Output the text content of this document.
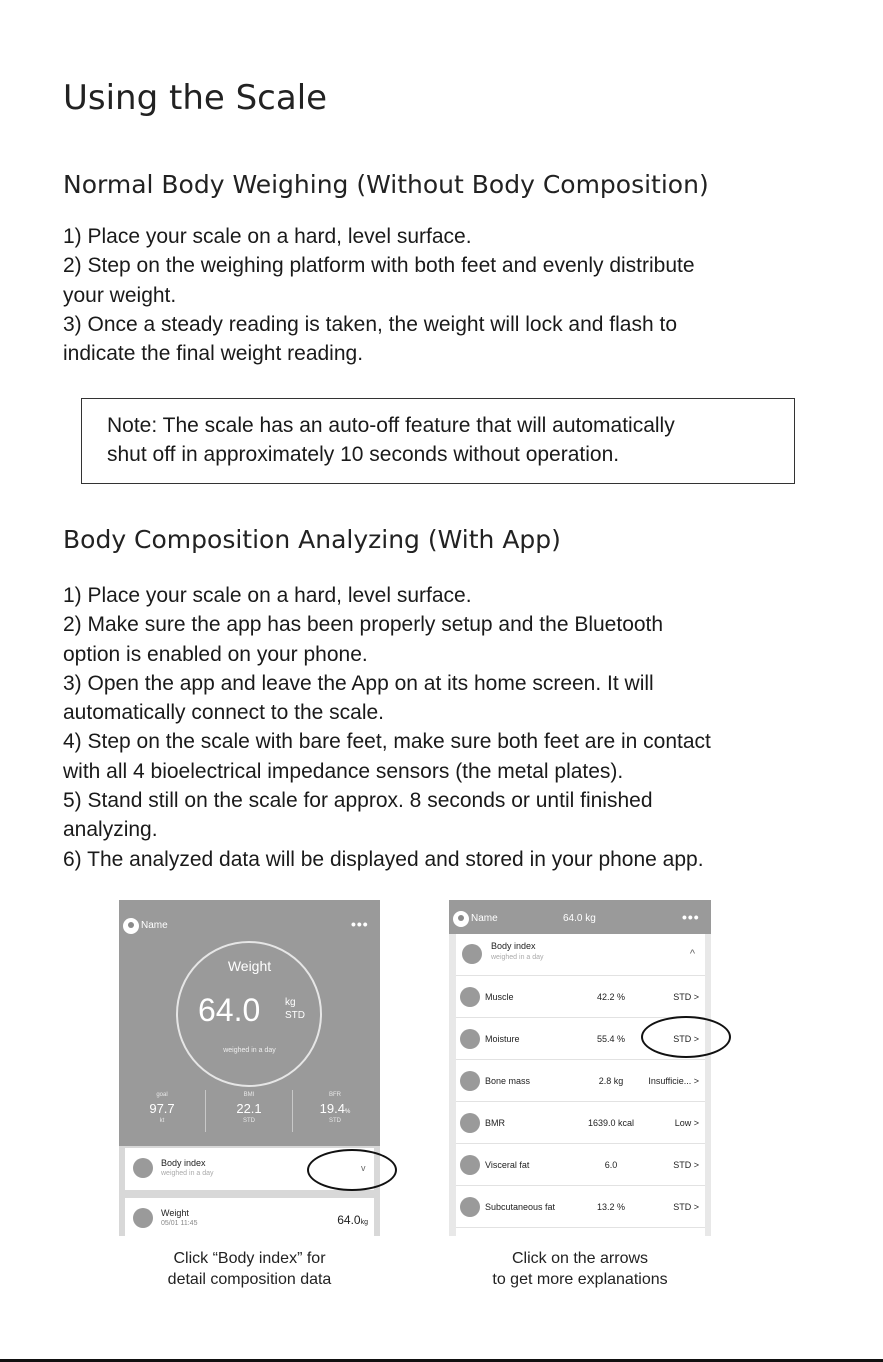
Using the Scale
Normal Body Weighing (Without Body Composition)
1) Place your scale on a hard, level surface.
2) Step on the weighing platform with both feet and evenly distribute
your weight.
3) Once a steady reading is taken, the weight will lock and flash to
indicate the final weight reading.
Note: The scale has an auto-off feature that will automatically
shut off in approximately 10 seconds without operation.
Body Composition Analyzing (With App)
1) Place your scale on a hard, level surface.
2) Make sure the app has been properly setup and the Bluetooth
option is enabled on your phone.
3) Open the app and leave the App on at its home screen. It will
automatically connect to the scale.
4) Step on the scale with bare feet, make sure both feet are in contact
with all 4 bioelectrical impedance sensors (the metal plates).
5) Stand still on the scale for approx. 8 seconds or until finished
analyzing.
6) The analyzed data will be displayed and stored in your phone app.
Name	•••
Weight
64.0 kg
STD
weighed in a day
goal
97.7
kt
BMI
22.1
STD
BFR
19.4%
STD
Body index
weighed in a day
v
Weight
05/01 11:45	64.0kg
Name	64.0 kg	•••
Body index
weighed in a day	^
Muscle	42.2 %	STD >
Moisture	55.4 %	STD >
Bone mass	2.8 kg	Insufficie... >
BMR	1639.0 kcal	Low >
Visceral fat	6.0	STD >
Subcutaneous fat	13.2 %	STD >
Click “Body index” for
detail composition data
Click on the arrows
to get more explanations
